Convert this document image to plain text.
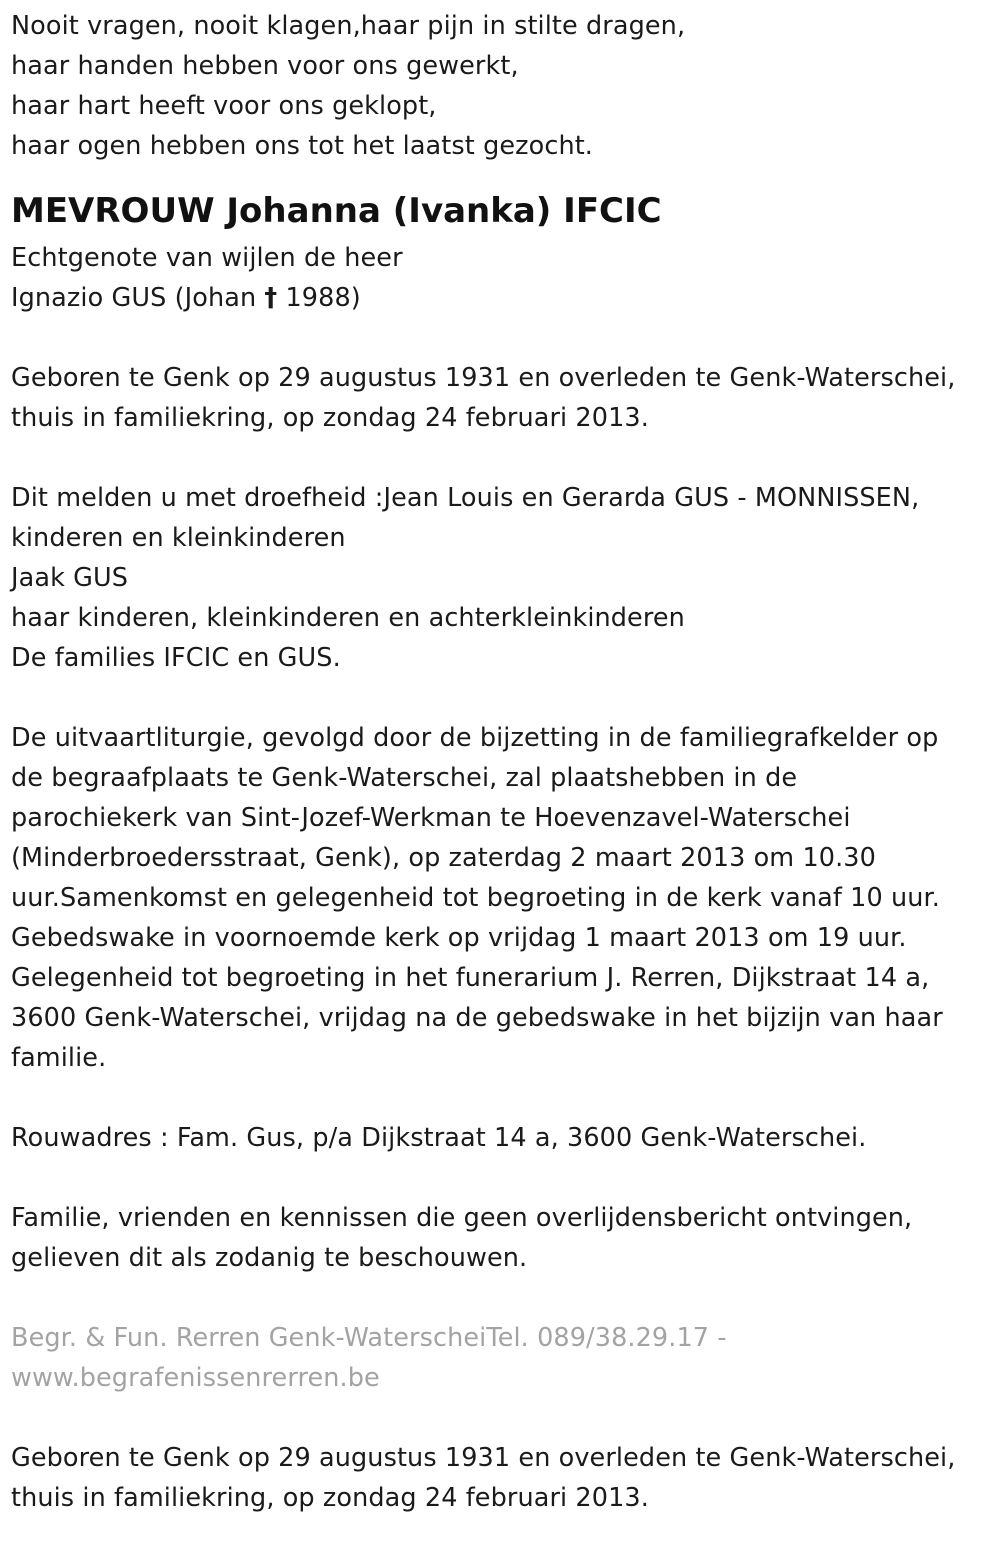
Nooit vragen, nooit klagen,haar pijn in stilte dragen,
haar handen hebben voor ons gewerkt,
haar hart heeft voor ons geklopt,
haar ogen hebben ons tot het laatst gezocht.
MEVROUW Johanna (Ivanka) IFCIC
Echtgenote van wijlen de heer
Ignazio GUS (Johan † 1988)
Geboren te Genk op 29 augustus 1931 en overleden te Genk-Waterschei,
thuis in familiekring, op zondag 24 februari 2013.
Dit melden u met droefheid :Jean Louis en Gerarda GUS - MONNISSEN,
kinderen en kleinkinderen
Jaak GUS
haar kinderen, kleinkinderen en achterkleinkinderen
De families IFCIC en GUS.
De uitvaartliturgie, gevolgd door de bijzetting in de familiegrafkelder op
de begraafplaats te Genk-Waterschei, zal plaatshebben in de
parochiekerk van Sint-Jozef-Werkman te Hoevenzavel-Waterschei
(Minderbroedersstraat, Genk), op zaterdag 2 maart 2013 om 10.30
uur.Samenkomst en gelegenheid tot begroeting in de kerk vanaf 10 uur.
Gebedswake in voornoemde kerk op vrijdag 1 maart 2013 om 19 uur.
Gelegenheid tot begroeting in het funerarium J. Rerren, Dijkstraat 14 a,
3600 Genk-Waterschei, vrijdag na de gebedswake in het bijzijn van haar
familie.
Rouwadres : Fam. Gus, p/a Dijkstraat 14 a, 3600 Genk-Waterschei.
Familie, vrienden en kennissen die geen overlijdensbericht ontvingen,
gelieven dit als zodanig te beschouwen.
Begr. & Fun. Rerren Genk-WaterscheiTel. 089/38.29.17 -
www.begrafenissenrerren.be
Geboren te Genk op 29 augustus 1931 en overleden te Genk-Waterschei,
thuis in familiekring, op zondag 24 februari 2013.
